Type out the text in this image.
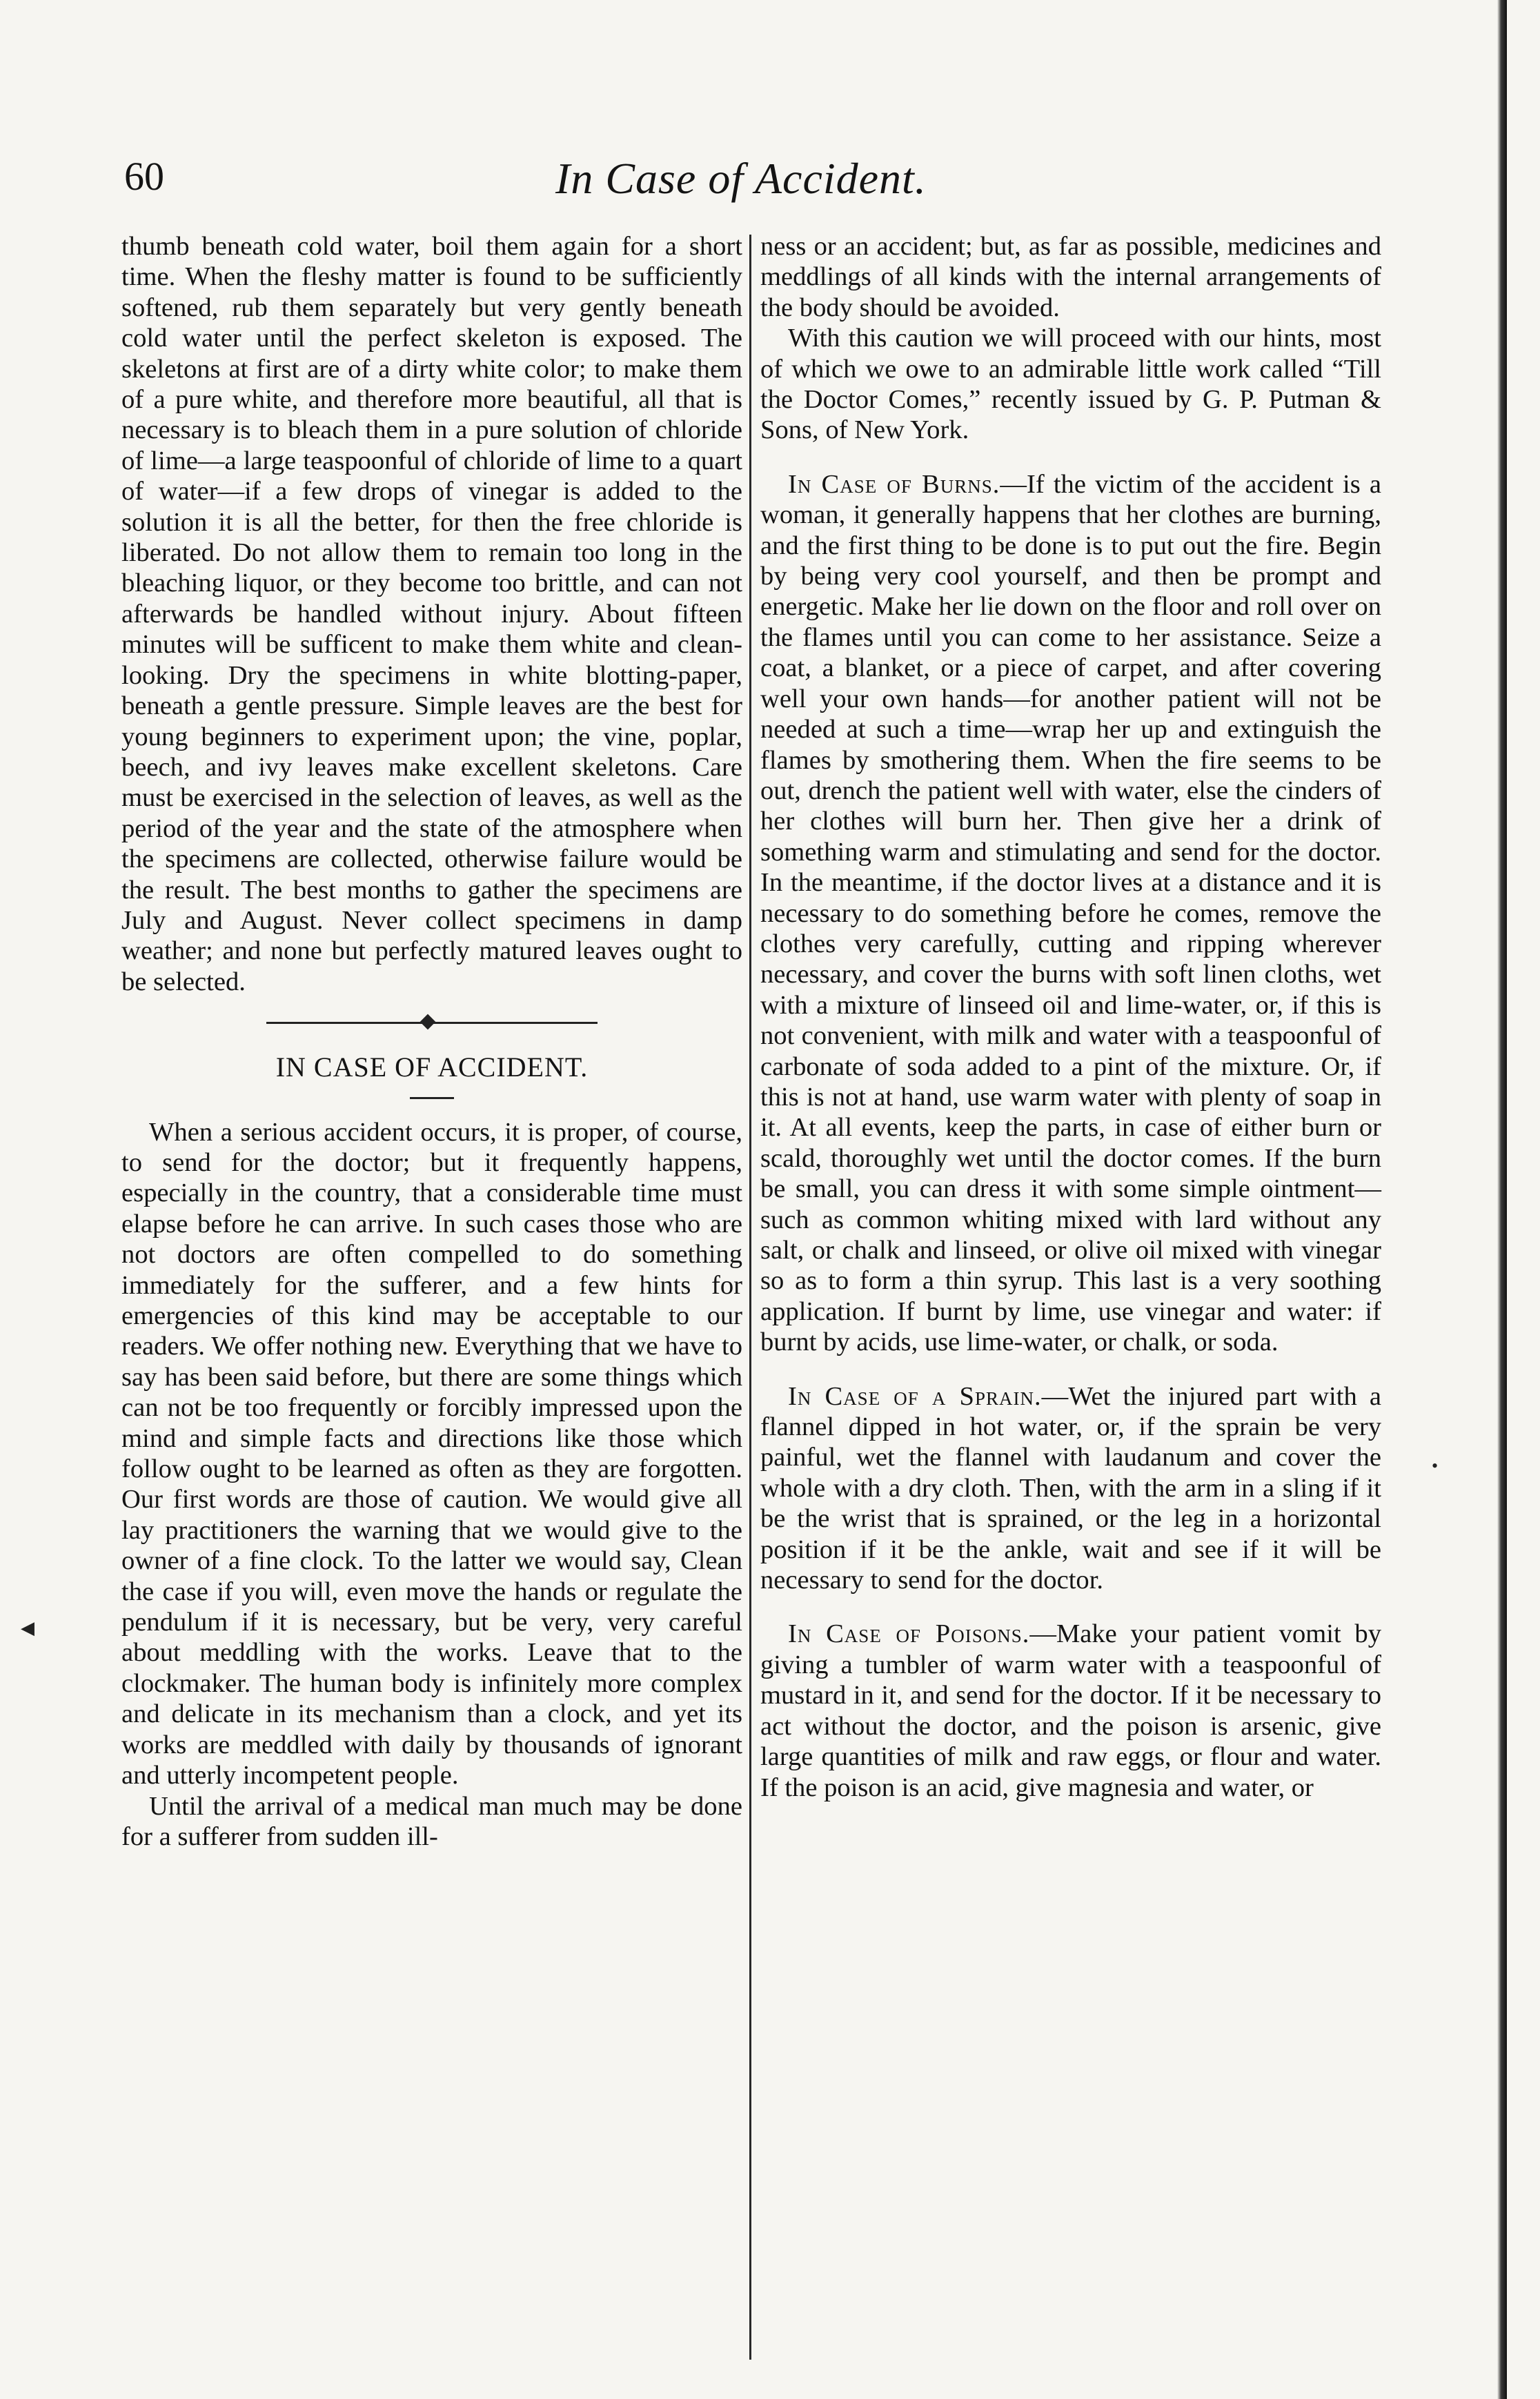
60	In Case of Accident.

thumb beneath cold water, boil them again for a short time. When the fleshy matter is found to be sufficiently softened, rub them separately but very gently beneath cold water until the perfect skeleton is exposed. The skeletons at first are of a dirty white color; to make them of a pure white, and therefore more beautiful, all that is necessary is to bleach them in a pure solution of chloride of lime—a large teaspoonful of chloride of lime to a quart of water—if a few drops of vinegar is added to the solution it is all the better, for then the free chloride is liberated. Do not allow them to remain too long in the bleaching liquor, or they become too brittle, and can not afterwards be handled without injury. About fifteen minutes will be sufficent to make them white and clean-looking. Dry the specimens in white blotting-paper, beneath a gentle pressure. Simple leaves are the best for young beginners to experiment upon; the vine, poplar, beech, and ivy leaves make excellent skeletons. Care must be exercised in the selection of leaves, as well as the period of the year and the state of the atmosphere when the specimens are collected, otherwise failure would be the result. The best months to gather the specimens are July and August. Never collect specimens in damp weather; and none but perfectly matured leaves ought to be selected.

IN CASE OF ACCIDENT.

When a serious accident occurs, it is proper, of course, to send for the doctor; but it frequently happens, especially in the country, that a considerable time must elapse before he can arrive. In such cases those who are not doctors are often compelled to do something immediately for the sufferer, and a few hints for emergencies of this kind may be acceptable to our readers. We offer nothing new. Everything that we have to say has been said before, but there are some things which can not be too frequently or forcibly impressed upon the mind and simple facts and directions like those which follow ought to be learned as often as they are forgotten. Our first words are those of caution. We would give all lay practitioners the warning that we would give to the owner of a fine clock. To the latter we would say, Clean the case if you will, even move the hands or regulate the pendulum if it is necessary, but be very, very careful about meddling with the works. Leave that to the clockmaker. The human body is infinitely more complex and delicate in its mechanism than a clock, and yet its works are meddled with daily by thousands of ignorant and utterly incompetent people.

Until the arrival of a medical man much may be done for a sufferer from sudden ill-

ness or an accident; but, as far as possible, medicines and meddlings of all kinds with the internal arrangements of the body should be avoided.

With this caution we will proceed with our hints, most of which we owe to an admirable little work called “Till the Doctor Comes,” recently issued by G. P. Putman & Sons, of New York.

In Case of Burns.—If the victim of the accident is a woman, it generally happens that her clothes are burning, and the first thing to be done is to put out the fire. Begin by being very cool yourself, and then be prompt and energetic. Make her lie down on the floor and roll over on the flames until you can come to her assistance. Seize a coat, a blanket, or a piece of carpet, and after covering well your own hands—for another patient will not be needed at such a time—wrap her up and extinguish the flames by smothering them. When the fire seems to be out, drench the patient well with water, else the cinders of her clothes will burn her. Then give her a drink of something warm and stimulating and send for the doctor. In the meantime, if the doctor lives at a distance and it is necessary to do something before he comes, remove the clothes very carefully, cutting and ripping wherever necessary, and cover the burns with soft linen cloths, wet with a mixture of linseed oil and lime-water, or, if this is not convenient, with milk and water with a teaspoonful of carbonate of soda added to a pint of the mixture. Or, if this is not at hand, use warm water with plenty of soap in it. At all events, keep the parts, in case of either burn or scald, thoroughly wet until the doctor comes. If the burn be small, you can dress it with some simple ointment—such as common whiting mixed with lard without any salt, or chalk and linseed, or olive oil mixed with vinegar so as to form a thin syrup. This last is a very soothing application. If burnt by lime, use vinegar and water: if burnt by acids, use lime-water, or chalk, or soda.

In Case of a Sprain.—Wet the injured part with a flannel dipped in hot water, or, if the sprain be very painful, wet the flannel with laudanum and cover the whole with a dry cloth. Then, with the arm in a sling if it be the wrist that is sprained, or the leg in a horizontal position if it be the ankle, wait and see if it will be necessary to send for the doctor.

In Case of Poisons.—Make your patient vomit by giving a tumbler of warm water with a teaspoonful of mustard in it, and send for the doctor. If it be necessary to act without the doctor, and the poison is arsenic, give large quantities of milk and raw eggs, or flour and water. If the poison is an acid, give magnesia and water, or

◀
•
